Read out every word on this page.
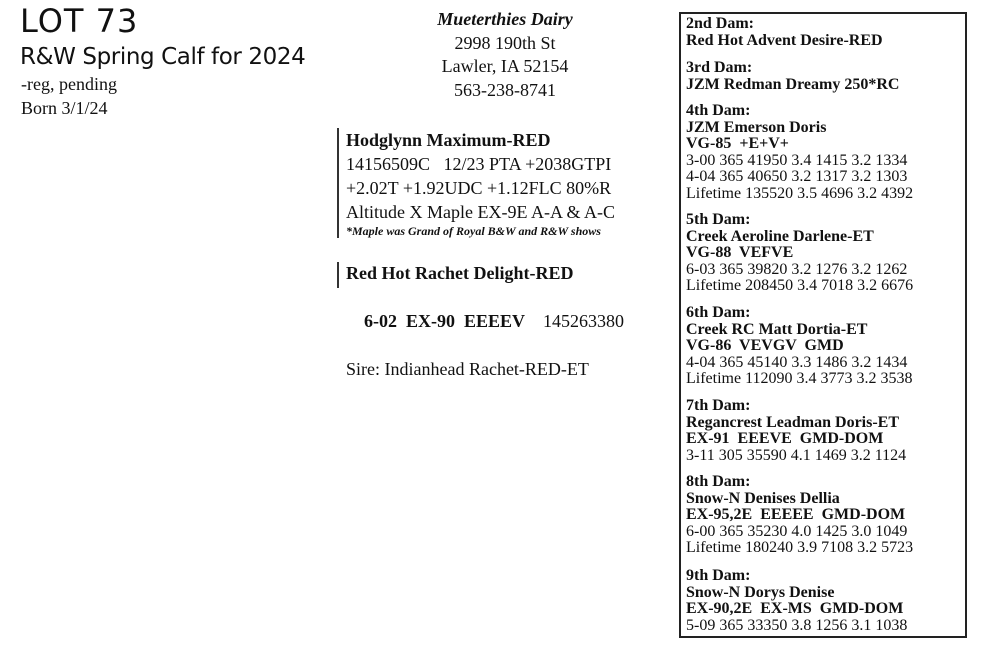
LOT 73
R&W Spring Calf for 2024
-reg, pending
Born 3/1/24
Mueterthies Dairy
2998 190th St
Lawler, IA 52154
563-238-8741
Hodglynn Maximum-RED
14156509C   12/23 PTA +2038GTPI
+2.02T +1.92UDC +1.12FLC 80%R
Altitude X Maple EX-9E A-A & A-C
*Maple was Grand of Royal B&W and R&W shows
Red Hot Rachet Delight-RED

6-02  EX-90  EEEEV 145263380

Sire: Indianhead Rachet-RED-ET
2nd Dam:
Red Hot Advent Desire-RED
3rd Dam:
JZM Redman Dreamy 250*RC
4th Dam:
JZM Emerson Doris
VG-85  +E+V+
3-00 365 41950 3.4 1415 3.2 1334
4-04 365 40650 3.2 1317 3.2 1303
Lifetime 135520 3.5 4696 3.2 4392
5th Dam:
Creek Aeroline Darlene-ET
VG-88  VEFVE
6-03 365 39820 3.2 1276 3.2 1262
Lifetime 208450 3.4 7018 3.2 6676
6th Dam:
Creek RC Matt Dortia-ET
VG-86  VEVGV  GMD
4-04 365 45140 3.3 1486 3.2 1434
Lifetime 112090 3.4 3773 3.2 3538
7th Dam:
Regancrest Leadman Doris-ET
EX-91  EEEVE  GMD-DOM
3-11 305 35590 4.1 1469 3.2 1124
8th Dam:
Snow-N Denises Dellia
EX-95,2E  EEEEE  GMD-DOM
6-00 365 35230 4.0 1425 3.0 1049
Lifetime 180240 3.9 7108 3.2 5723
9th Dam:
Snow-N Dorys Denise
EX-90,2E  EX-MS  GMD-DOM
5-09 365 33350 3.8 1256 3.1 1038
